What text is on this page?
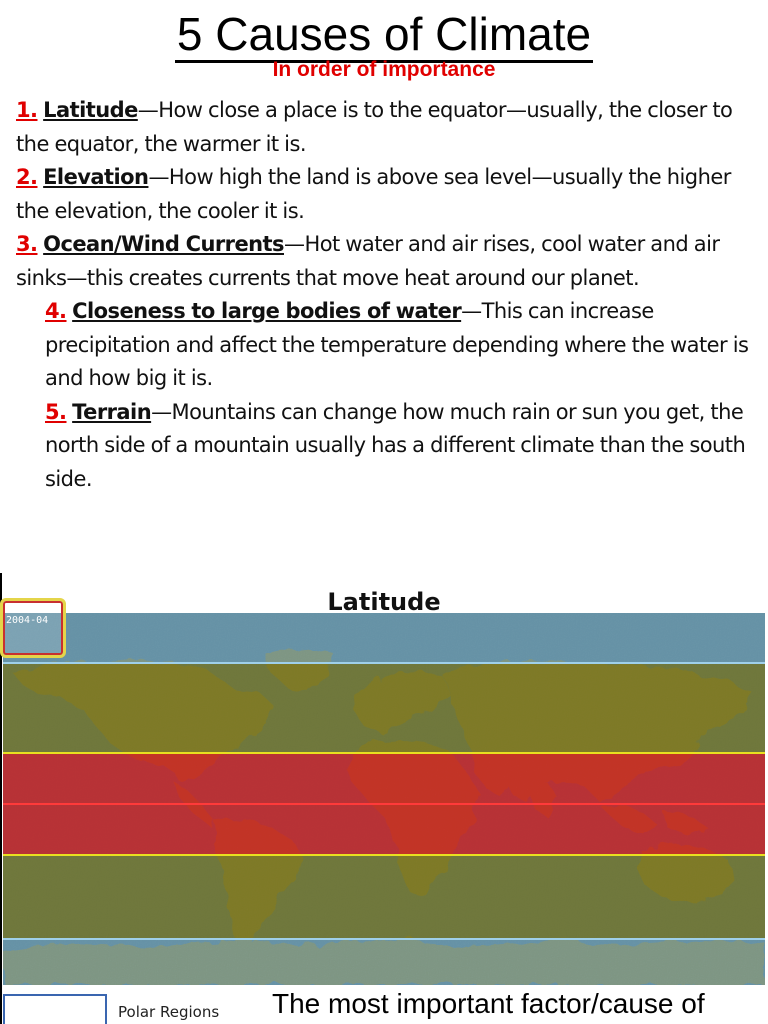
5 Causes of Climate
In order of importance
1. Latitude—How close a place is to the equator—usually, the closer to the equator, the warmer it is.
2. Elevation—How high the land is above sea level—usually the higher the elevation, the cooler it is.
3. Ocean/Wind Currents—Hot water and air rises, cool water and air sinks—this creates currents that move heat around our planet.
4. Closeness to large bodies of water—This can increase precipitation and affect the temperature depending where the water is and how big it is.
5. Terrain—Mountains can change how much rain or sun you get, the north side of a mountain usually has a different climate than the south side.
Latitude
2004-04
Polar Regions The most important factor/cause of
